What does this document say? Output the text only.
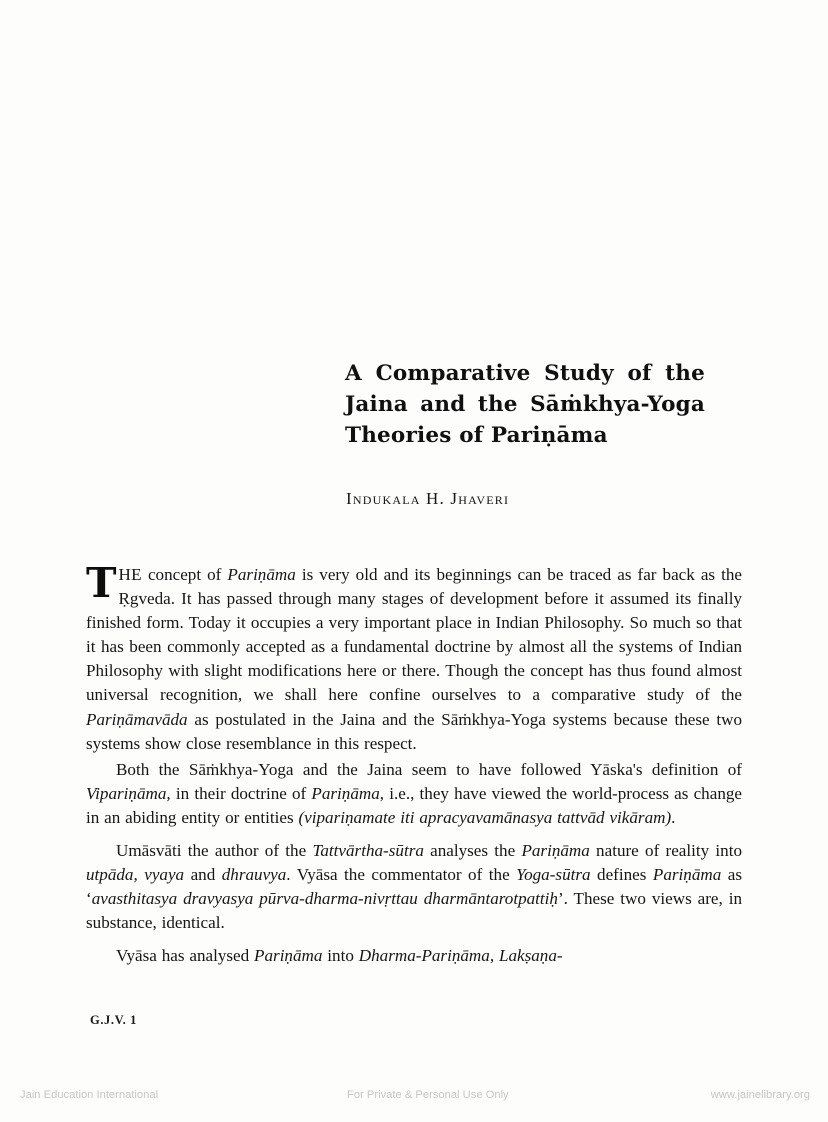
A Comparative Study of the
Jaina and the Sāṁkhya-Yoga
Theories of Pariṇāma
Indukala H. Jhaveri

THE concept of Pariṇāma is very old and its beginnings can be traced as far back as the Ṛgveda. It has passed through many stages of development before it assumed its finally finished form. Today it occupies a very important place in Indian Philosophy. So much so that it has been commonly accepted as a fundamental doctrine by almost all the systems of Indian Philosophy with slight modifications here or there. Though the concept has thus found almost universal recognition, we shall here confine ourselves to a comparative study of the Pariṇāmavāda as postulated in the Jaina and the Sāṁkhya-Yoga systems because these two systems show close resemblance in this respect.

Both the Sāṁkhya-Yoga and the Jaina seem to have followed Yāska's definition of Vipariṇāma, in their doctrine of Pariṇāma, i.e., they have viewed the world-process as change in an abiding entity or entities (vipariṇamate iti apracyavamānasya tattvād vikāram).

Umāsvāti the author of the Tattvārtha-sūtra analyses the Pariṇāma nature of reality into utpāda, vyaya and dhrauvya. Vyāsa the commentator of the Yoga-sūtra defines Pariṇāma as ‘avasthitasya dravyasya pūrva-dharma-nivṛttau dharmāntarotpattiḥ’. These two views are, in substance, identical.

Vyāsa has analysed Pariṇāma into Dharma-Pariṇāma, Lakṣaṇa-

G.J.V. 1
Jain Education International	For Private & Personal Use Only	www.jainelibrary.org
